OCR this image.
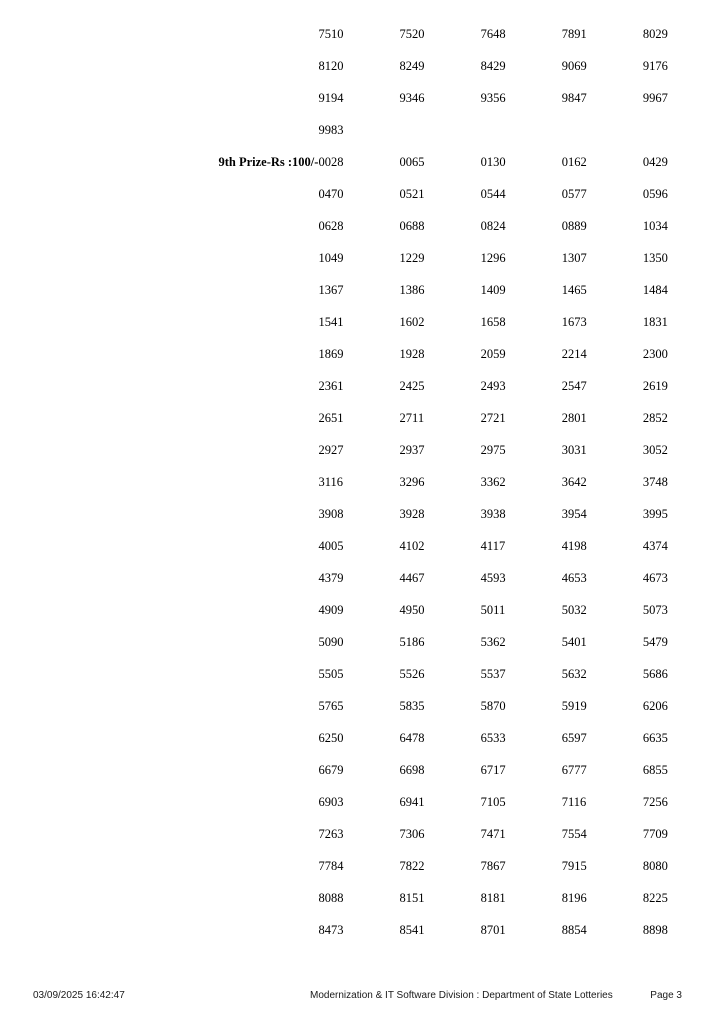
	7510	7520	7648	7891	8029
	8120	8249	8429	9069	9176
	9194	9346	9356	9847	9967
	9983				
9th Prize-Rs :100/-	0028	0065	0130	0162	0429
	0470	0521	0544	0577	0596
	0628	0688	0824	0889	1034
	1049	1229	1296	1307	1350
	1367	1386	1409	1465	1484
	1541	1602	1658	1673	1831
	1869	1928	2059	2214	2300
	2361	2425	2493	2547	2619
	2651	2711	2721	2801	2852
	2927	2937	2975	3031	3052
	3116	3296	3362	3642	3748
	3908	3928	3938	3954	3995
	4005	4102	4117	4198	4374
	4379	4467	4593	4653	4673
	4909	4950	5011	5032	5073
	5090	5186	5362	5401	5479
	5505	5526	5537	5632	5686
	5765	5835	5870	5919	6206
	6250	6478	6533	6597	6635
	6679	6698	6717	6777	6855
	6903	6941	7105	7116	7256
	7263	7306	7471	7554	7709
	7784	7822	7867	7915	8080
	8088	8151	8181	8196	8225
	8473	8541	8701	8854	8898
03/09/2025 16:42:47	Modernization & IT Software Division : Department of State Lotteries	Page 3
